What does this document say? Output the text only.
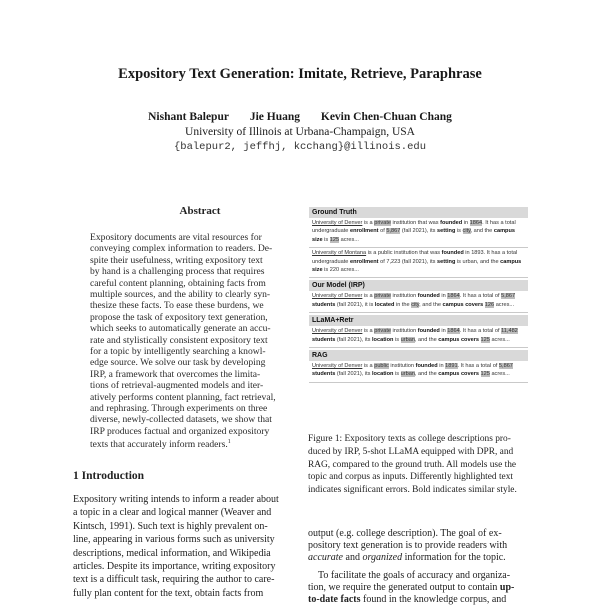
Expository Text Generation: Imitate, Retrieve, Paraphrase
Nishant Balepur Jie Huang Kevin Chen-Chuan Chang
University of Illinois at Urbana-Champaign, USA
{balepur2, jeffhj, kcchang}@illinois.edu
Abstract
Expository documents are vital resources for
conveying complex information to readers. De-
spite their usefulness, writing expository text
by hand is a challenging process that requires
careful content planning, obtaining facts from
multiple sources, and the ability to clearly syn-
thesize these facts. To ease these burdens, we
propose the task of expository text generation,
which seeks to automatically generate an accu-
rate and stylistically consistent expository text
for a topic by intelligently searching a knowl-
edge source. We solve our task by developing
IRP, a framework that overcomes the limita-
tions of retrieval-augmented models and iter-
atively performs content planning, fact retrieval,
and rephrasing. Through experiments on three
diverse, newly-collected datasets, we show that
IRP produces factual and organized expository
texts that accurately inform readers.$^1$
1 Introduction
Expository writing intends to inform a reader about
a topic in a clear and logical manner (Weaver and
Kintsch, 1991). Such text is highly prevalent on-
line, appearing in various forms such as university
descriptions, medical information, and Wikipedia
articles. Despite its importance, writing expository
text is a difficult task, requiring the author to care-
fully plan content for the text, obtain facts from
Ground Truth
University of Denver is a private institution that was founded in 1864. It has a total undergraduate enrollment of 5,867 (fall 2021), its setting is city, and the campus size is 125 acres...
University of Montana is a public institution that was founded in 1893. It has a total undergraduate enrollment of 7,223 (fall 2021), its setting is urban, and the campus size is 220 acres...
Our Model (IRP)
University of Denver is a private institution founded in 1864. It has a total of 5,867 students (fall 2021), it is located in the city, and the campus covers 126 acres...
LLaMA+Retr
University of Denver is a private institution founded in 1864. It has a total of 11,482 students (fall 2021), its location is urban, and the campus covers 125 acres...
RAG
University of Denver is a public institution founded in 1891. It has a total of 5,867 students (fall 2021), its location is urban, and the campus covers 125 acres...
Figure 1: Expository texts as college descriptions pro-
duced by IRP, 5-shot LLaMA equipped with DPR, and
RAG, compared to the ground truth. All models use the
topic and corpus as inputs. Differently highlighted text
indicates significant errors. Bold indicates similar style.
output (e.g. college description). The goal of ex-
pository text generation is to provide readers with
accurate and organized information for the topic.
To facilitate the goals of accuracy and organiza-
tion, we require the generated output to contain up-
to-date facts found in the knowledge corpus, and
